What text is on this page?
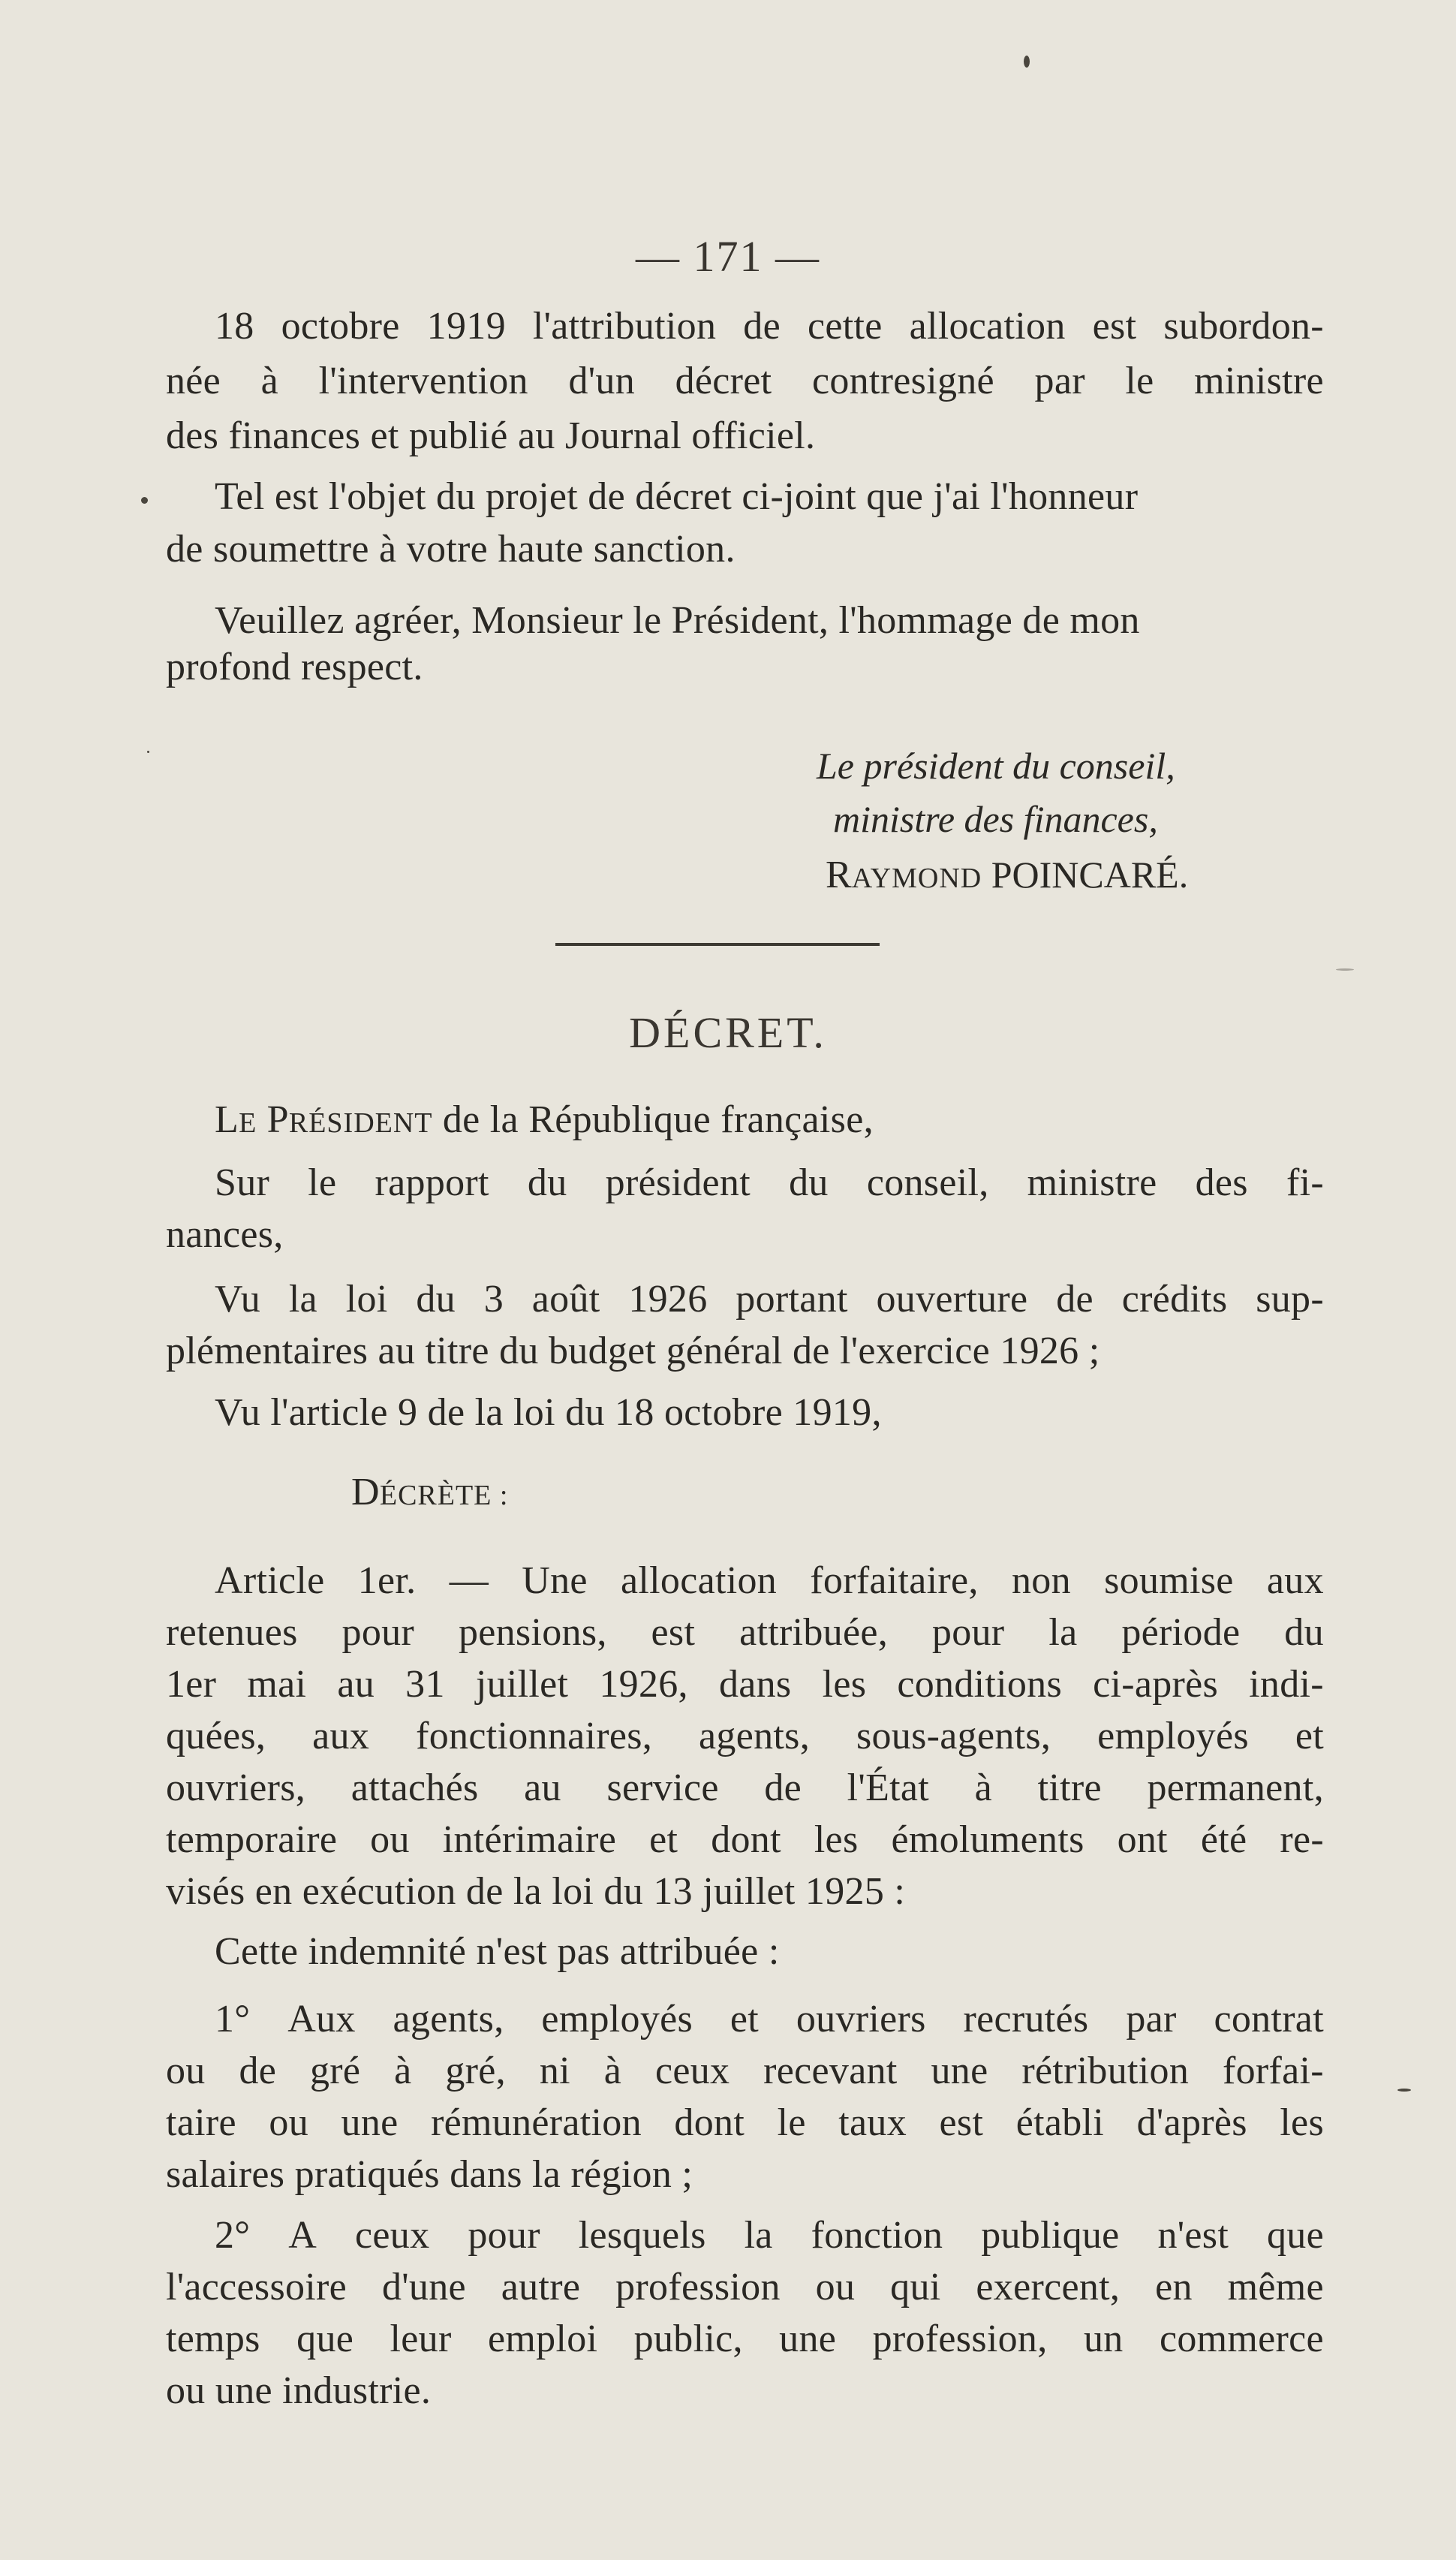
— 171 —
18 octobre 1919 l'attribution de cette allocation est subordon-
née à l'intervention d'un décret contresigné par le ministre
des finances et publié au Journal officiel.
Tel est l'objet du projet de décret ci-joint que j'ai l'honneur
de soumettre à votre haute sanction.
Veuillez agréer, Monsieur le Président, l'hommage de mon
profond respect.
Le président du conseil,
ministre des finances,
RAYMOND POINCARÉ.
DÉCRET.
LE PRÉSIDENT de la République française,
Sur le rapport du président du conseil, ministre des fi-
nances,
Vu la loi du 3 août 1926 portant ouverture de crédits sup-
plémentaires au titre du budget général de l'exercice 1926 ;
Vu l'article 9 de la loi du 18 octobre 1919,
DÉCRÈTE :
Article 1er. — Une allocation forfaitaire, non soumise aux
retenues pour pensions, est attribuée, pour la période du
1er mai au 31 juillet 1926, dans les conditions ci-après indi-
quées, aux fonctionnaires, agents, sous-agents, employés et
ouvriers, attachés au service de l'État à titre permanent,
temporaire ou intérimaire et dont les émoluments ont été re-
visés en exécution de la loi du 13 juillet 1925 :
Cette indemnité n'est pas attribuée :
1° Aux agents, employés et ouvriers recrutés par contrat
ou de gré à gré, ni à ceux recevant une rétribution forfai-
taire ou une rémunération dont le taux est établi d'après les
salaires pratiqués dans la région ;
2° A ceux pour lesquels la fonction publique n'est que
l'accessoire d'une autre profession ou qui exercent, en même
temps que leur emploi public, une profession, un commerce
ou une industrie.
